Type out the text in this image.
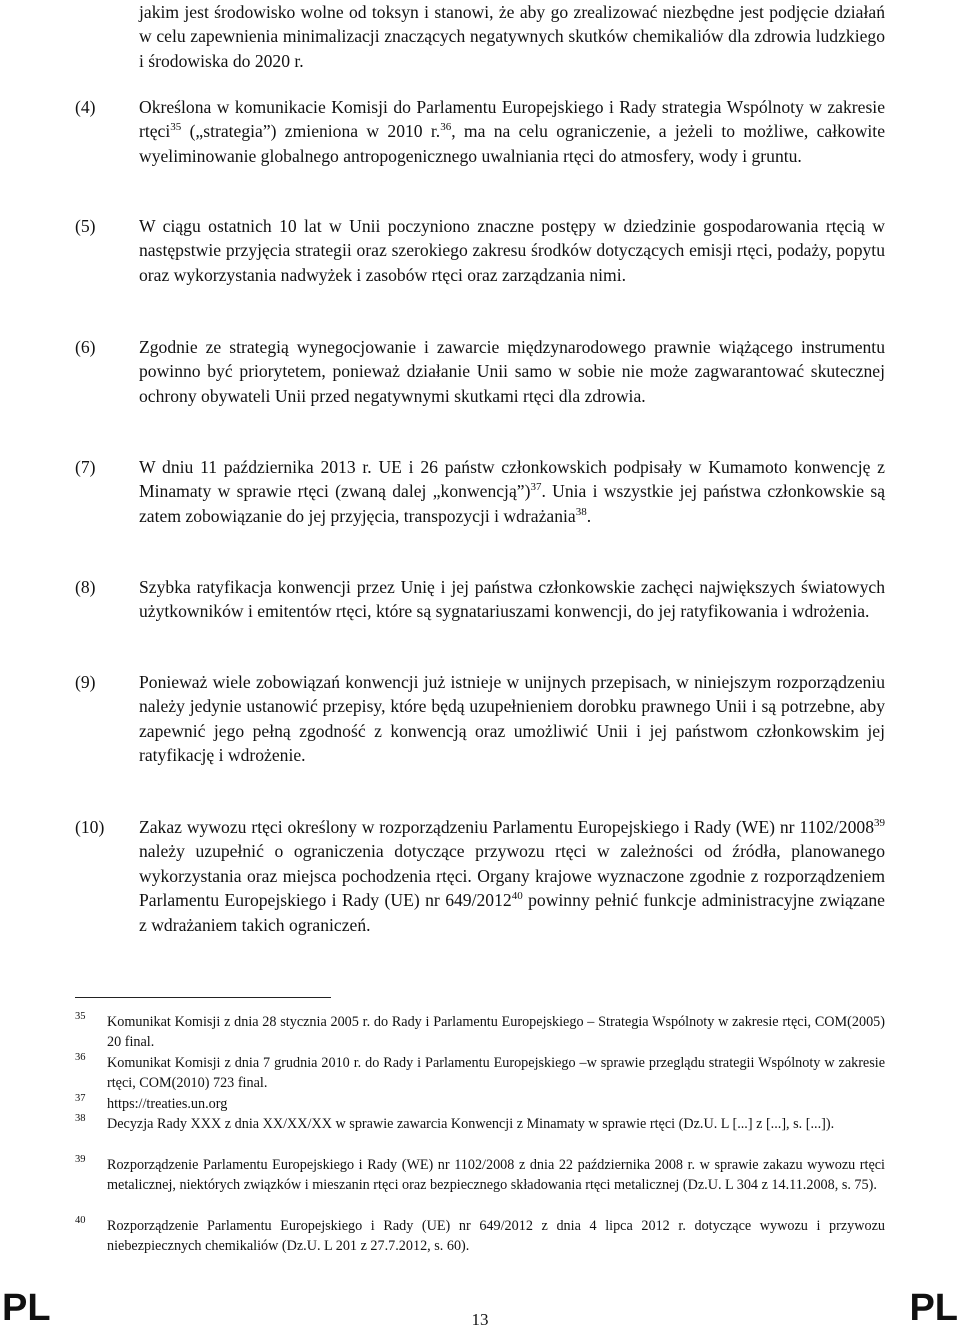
jakim jest środowisko wolne od toksyn i stanowi, że aby go zrealizować niezbędne jest podjęcie działań w celu zapewnienia minimalizacji znaczących negatywnych skutków chemikaliów dla zdrowia ludzkiego i środowiska do 2020 r.
(4) Określona w komunikacie Komisji do Parlamentu Europejskiego i Rady strategia Wspólnoty w zakresie rtęci$^{35}$ („strategia”) zmieniona w 2010 r.$^{36}$, ma na celu ograniczenie, a jeżeli to możliwe, całkowite wyeliminowanie globalnego antropogenicznego uwalniania rtęci do atmosfery, wody i gruntu.
(5) W ciągu ostatnich 10 lat w Unii poczyniono znaczne postępy w dziedzinie gospodarowania rtęcią w następstwie przyjęcia strategii oraz szerokiego zakresu środków dotyczących emisji rtęci, podaży, popytu oraz wykorzystania nadwyżek i zasobów rtęci oraz zarządzania nimi.
(6) Zgodnie ze strategią wynegocjowanie i zawarcie międzynarodowego prawnie wiążącego instrumentu powinno być priorytetem, ponieważ działanie Unii samo w sobie nie może zagwarantować skutecznej ochrony obywateli Unii przed negatywnymi skutkami rtęci dla zdrowia.
(7) W dniu 11 października 2013 r. UE i 26 państw członkowskich podpisały w Kumamoto konwencję z Minamaty w sprawie rtęci (zwaną dalej „konwencją”)$^{37}$. Unia i wszystkie jej państwa członkowskie są zatem zobowiązanie do jej przyjęcia, transpozycji i wdrażania$^{38}$.
(8) Szybka ratyfikacja konwencji przez Unię i jej państwa członkowskie zachęci największych światowych użytkowników i emitentów rtęci, które są sygnatariuszami konwencji, do jej ratyfikowania i wdrożenia.
(9) Ponieważ wiele zobowiązań konwencji już istnieje w unijnych przepisach, w niniejszym rozporządzeniu należy jedynie ustanowić przepisy, które będą uzupełnieniem dorobku prawnego Unii i są potrzebne, aby zapewnić jego pełną zgodność z konwencją oraz umożliwić Unii i jej państwom członkowskim jej ratyfikację i wdrożenie.
(10) Zakaz wywozu rtęci określony w rozporządzeniu Parlamentu Europejskiego i Rady (WE) nr 1102/2008$^{39}$ należy uzupełnić o ograniczenia dotyczące przywozu rtęci w zależności od źródła, planowanego wykorzystania oraz miejsca pochodzenia rtęci. Organy krajowe wyznaczone zgodnie z rozporządzeniem Parlamentu Europejskiego i Rady (UE) nr 649/2012$^{40}$ powinny pełnić funkcje administracyjne związane z wdrażaniem takich ograniczeń.
35 Komunikat Komisji z dnia 28 stycznia 2005 r. do Rady i Parlamentu Europejskiego – Strategia Wspólnoty w zakresie rtęci, COM(2005) 20 final.
36 Komunikat Komisji z dnia 7 grudnia 2010 r. do Rady i Parlamentu Europejskiego –w sprawie przeglądu strategii Wspólnoty w zakresie rtęci, COM(2010) 723 final.
37 https://treaties.un.org
38 Decyzja Rady XXX z dnia XX/XX/XX w sprawie zawarcia Konwencji z Minamaty w sprawie rtęci (Dz.U. L [...] z [...], s. [...]).
39 Rozporządzenie Parlamentu Europejskiego i Rady (WE) nr 1102/2008 z dnia 22 października 2008 r. w sprawie zakazu wywozu rtęci metalicznej, niektórych związków i mieszanin rtęci oraz bezpiecznego składowania rtęci metalicznej (Dz.U. L 304 z 14.11.2008, s. 75).
40 Rozporządzenie Parlamentu Europejskiego i Rady (UE) nr 649/2012 z dnia 4 lipca 2012 r. dotyczące wywozu i przywozu niebezpiecznych chemikaliów (Dz.U. L 201 z 27.7.2012, s. 60).
PL	13	PL
